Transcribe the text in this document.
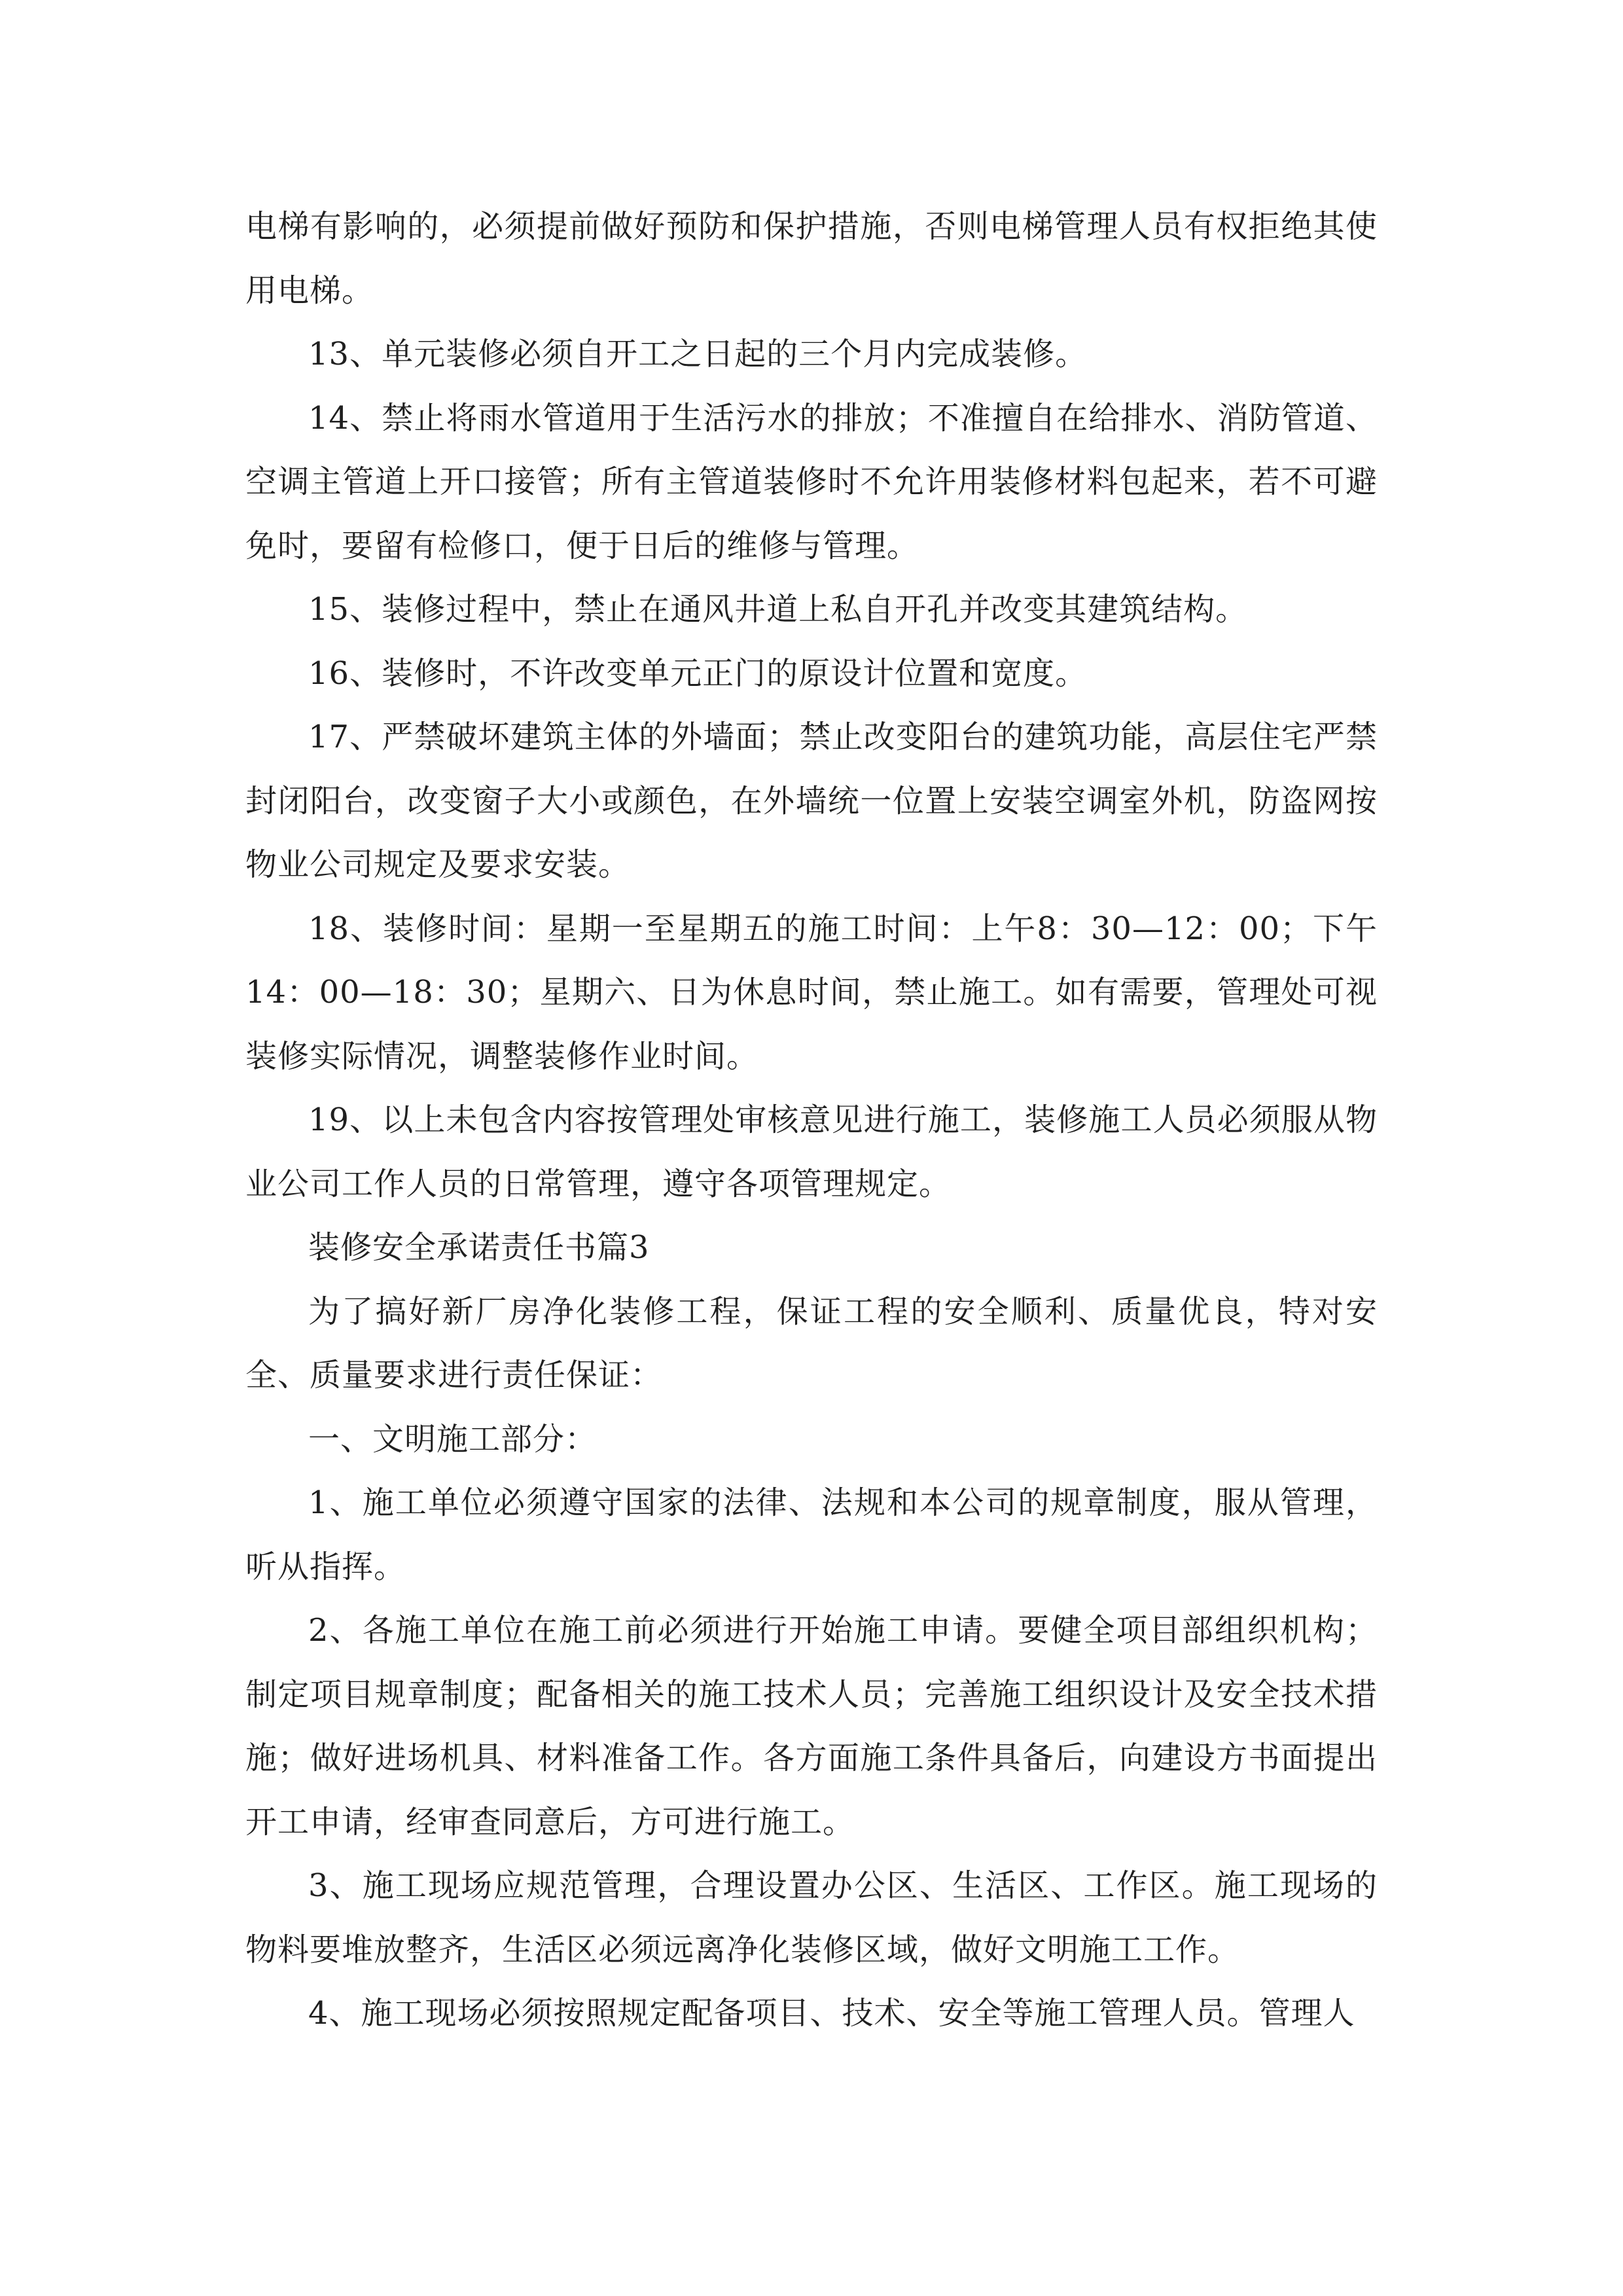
电梯有影响的，必须提前做好预防和保护措施，否则电梯管理人员有权拒绝其使用电梯。

13、单元装修必须自开工之日起的三个月内完成装修。

14、禁止将雨水管道用于生活污水的排放；不准擅自在给排水、消防管道、空调主管道上开口接管；所有主管道装修时不允许用装修材料包起来，若不可避免时，要留有检修口，便于日后的维修与管理。

15、装修过程中，禁止在通风井道上私自开孔并改变其建筑结构。

16、装修时，不许改变单元正门的原设计位置和宽度。

17、严禁破坏建筑主体的外墙面；禁止改变阳台的建筑功能，高层住宅严禁封闭阳台，改变窗子大小或颜色，在外墙统一位置上安装空调室外机，防盗网按物业公司规定及要求安装。

18、装修时间：星期一至星期五的施工时间：上午8：30—12：00；下午14：00—18：30；星期六、日为休息时间，禁止施工。如有需要，管理处可视装修实际情况，调整装修作业时间。

19、以上未包含内容按管理处审核意见进行施工，装修施工人员必须服从物业公司工作人员的日常管理，遵守各项管理规定。

装修安全承诺责任书篇3

为了搞好新厂房净化装修工程，保证工程的安全顺利、质量优良，特对安全、质量要求进行责任保证：

一、文明施工部分：

1、施工单位必须遵守国家的法律、法规和本公司的规章制度，服从管理，听从指挥。

2、各施工单位在施工前必须进行开始施工申请。要健全项目部组织机构；制定项目规章制度；配备相关的施工技术人员；完善施工组织设计及安全技术措施；做好进场机具、材料准备工作。各方面施工条件具备后，向建设方书面提出开工申请，经审查同意后，方可进行施工。

3、施工现场应规范管理，合理设置办公区、生活区、工作区。施工现场的物料要堆放整齐，生活区必须远离净化装修区域，做好文明施工工作。

4、施工现场必须按照规定配备项目、技术、安全等施工管理人员。管理人
